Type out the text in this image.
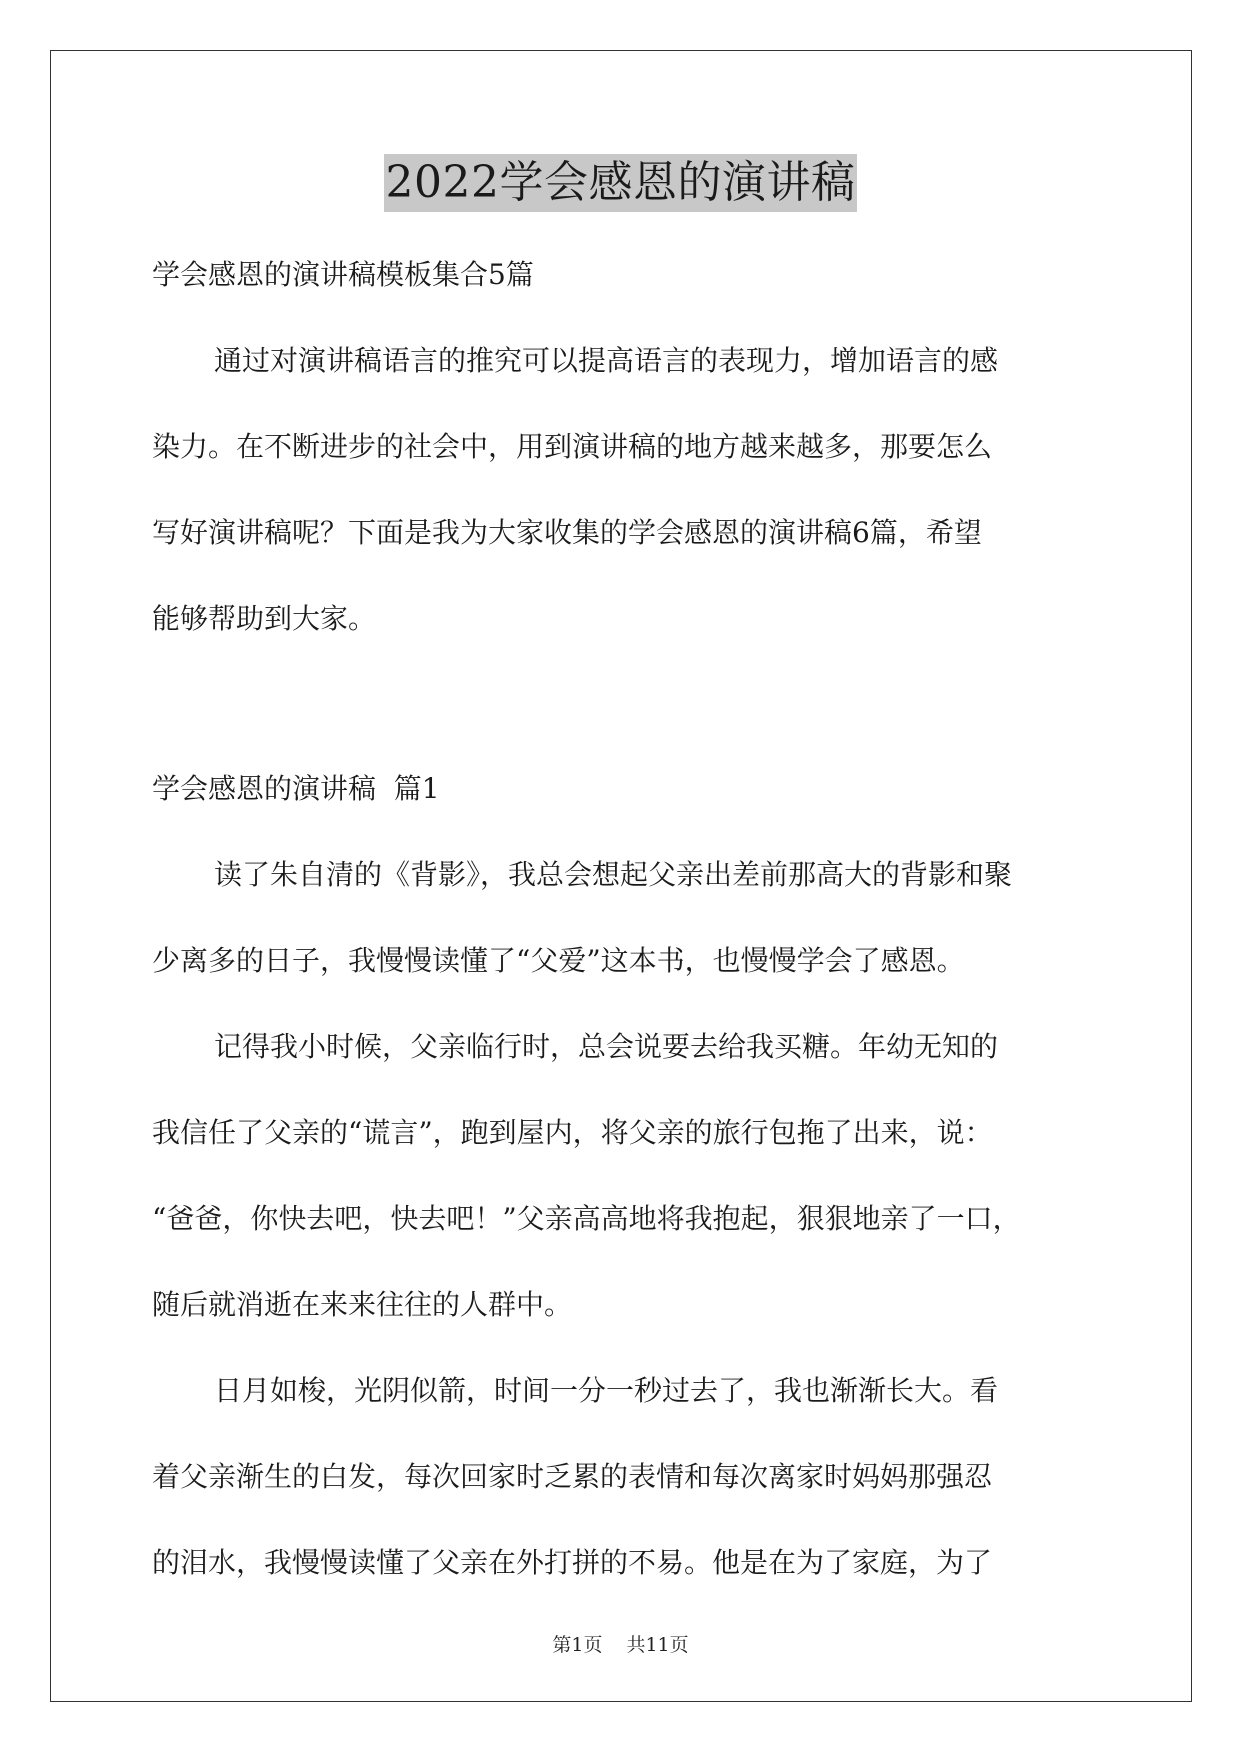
2022学会感恩的演讲稿
学会感恩的演讲稿模板集合5篇
通过对演讲稿语言的推究可以提高语言的表现力，增加语言的感
染力。在不断进步的社会中，用到演讲稿的地方越来越多，那要怎么
写好演讲稿呢？下面是我为大家收集的学会感恩的演讲稿6篇，希望
能够帮助到大家。
学会感恩的演讲稿  篇1
读了朱自清的《背影》，我总会想起父亲出差前那高大的背影和聚
少离多的日子，我慢慢读懂了“父爱”这本书，也慢慢学会了感恩。
记得我小时候，父亲临行时，总会说要去给我买糖。年幼无知的
我信任了父亲的“谎言”，跑到屋内，将父亲的旅行包拖了出来，说：
“爸爸，你快去吧，快去吧！”父亲高高地将我抱起，狠狠地亲了一口，
随后就消逝在来来往往的人群中。
日月如梭，光阴似箭，时间一分一秒过去了，我也渐渐长大。看
着父亲渐生的白发，每次回家时乏累的表情和每次离家时妈妈那强忍
的泪水，我慢慢读懂了父亲在外打拼的不易。他是在为了家庭，为了
第1页 共11页
